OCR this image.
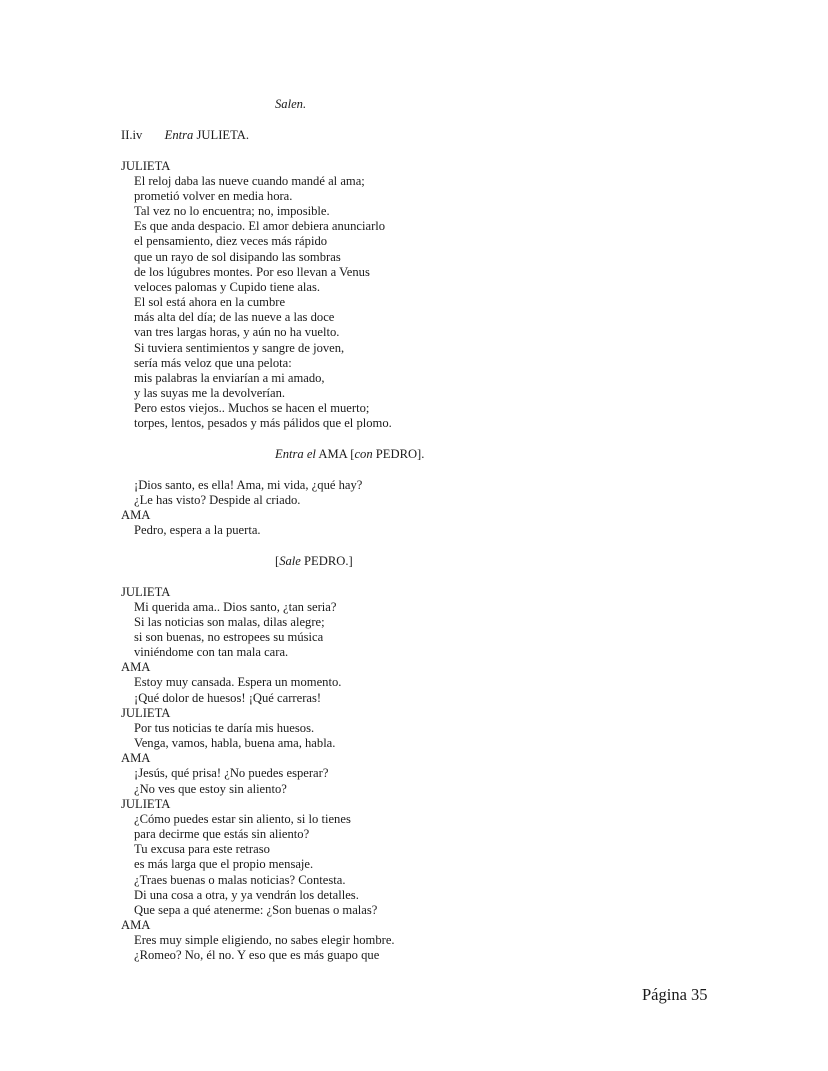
Salen.
II.iv Entra JULIETA.
JULIETA
El reloj daba las nueve cuando mandé al ama;
prometió volver en media hora.
Tal vez no lo encuentra; no, imposible.
Es que anda despacio. El amor debiera anunciarlo
el pensamiento, diez veces más rápido
que un rayo de sol disipando las sombras
de los lúgubres montes. Por eso llevan a Venus
veloces palomas y Cupido tiene alas.
El sol está ahora en la cumbre
más alta del día; de las nueve a las doce
van tres largas horas, y aún no ha vuelto.
Si tuviera sentimientos y sangre de joven,
sería más veloz que una pelota:
mis palabras la enviarían a mi amado,
y las suyas me la devolverían.
Pero estos viejos.. Muchos se hacen el muerto;
torpes, lentos, pesados y más pálidos que el plomo.
Entra el AMA [con PEDRO].
¡Dios santo, es ella! Ama, mi vida, ¿qué hay?
¿Le has visto? Despide al criado.
AMA
Pedro, espera a la puerta.
[Sale PEDRO.]
JULIETA
Mi querida ama.. Dios santo, ¿tan seria?
Si las noticias son malas, dilas alegre;
si son buenas, no estropees su música
viniéndome con tan mala cara.
AMA
Estoy muy cansada. Espera un momento.
¡Qué dolor de huesos! ¡Qué carreras!
JULIETA
Por tus noticias te daría mis huesos.
Venga, vamos, habla, buena ama, habla.
AMA
¡Jesús, qué prisa! ¿No puedes esperar?
¿No ves que estoy sin aliento?
JULIETA
¿Cómo puedes estar sin aliento, si lo tienes
para decirme que estás sin aliento?
Tu excusa para este retraso
es más larga que el propio mensaje.
¿Traes buenas o malas noticias? Contesta.
Di una cosa a otra, y ya vendrán los detalles.
Que sepa a qué atenerme: ¿Son buenas o malas?
AMA
Eres muy simple eligiendo, no sabes elegir hombre.
¿Romeo? No, él no. Y eso que es más guapo que
Página 35
